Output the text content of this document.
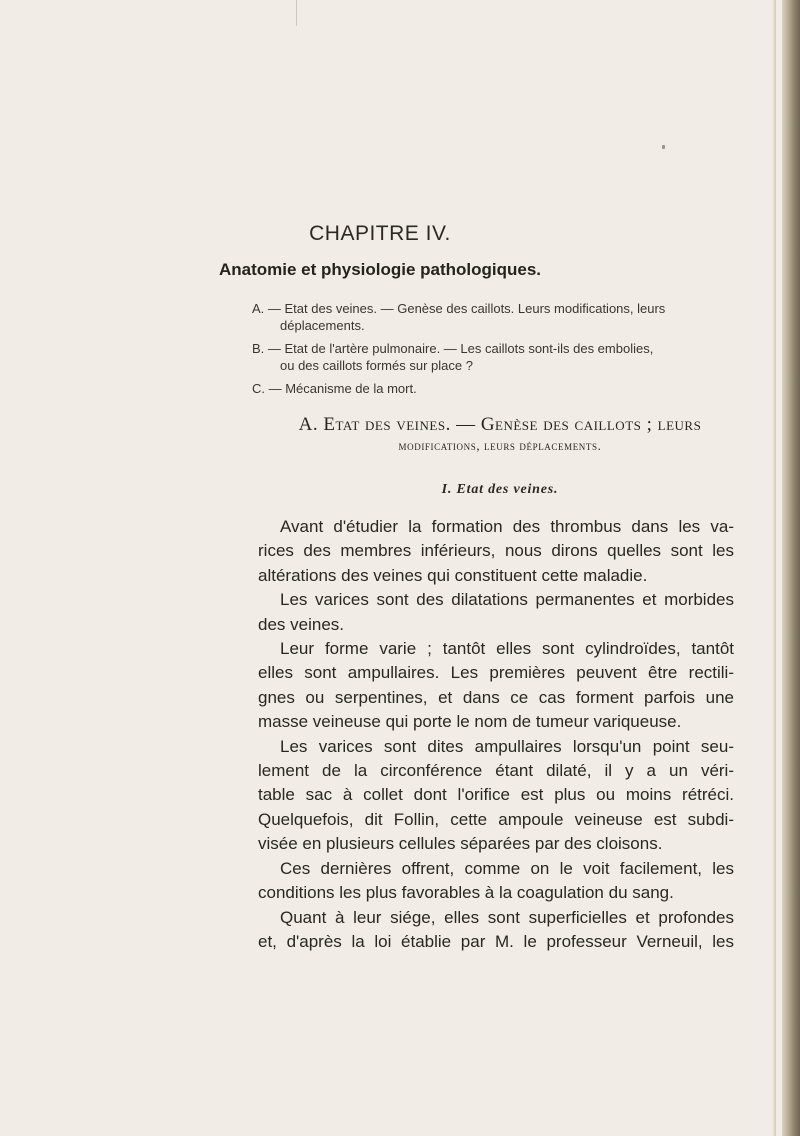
CHAPITRE IV.
Anatomie et physiologie pathologiques.
A. — Etat des veines. — Genèse des caillots. Leurs modifications, leurs
déplacements.
B. — Etat de l'artère pulmonaire. — Les caillots sont-ils des embolies,
ou des caillots formés sur place ?
C. — Mécanisme de la mort.
A. Etat des veines. — Genèse des caillots ; leurs
modifications, leurs déplacements.
I. Etat des veines.
Avant d'étudier la formation des thrombus dans les va-
rices des membres inférieurs, nous dirons quelles sont les
altérations des veines qui constituent cette maladie.
Les varices sont des dilatations permanentes et morbides
des veines.
Leur forme varie ; tantôt elles sont cylindroïdes, tantôt
elles sont ampullaires. Les premières peuvent être rectili-
gnes ou serpentines, et dans ce cas forment parfois une
masse veineuse qui porte le nom de tumeur variqueuse.
Les varices sont dites ampullaires lorsqu'un point seu-
lement de la circonférence étant dilaté, il y a un véri-
table sac à collet dont l'orifice est plus ou moins rétréci.
Quelquefois, dit Follin, cette ampoule veineuse est subdi-
visée en plusieurs cellules séparées par des cloisons.
Ces dernières offrent, comme on le voit facilement, les
conditions les plus favorables à la coagulation du sang.
Quant à leur siége, elles sont superficielles et profondes
et, d'après la loi établie par M. le professeur Verneuil, les
